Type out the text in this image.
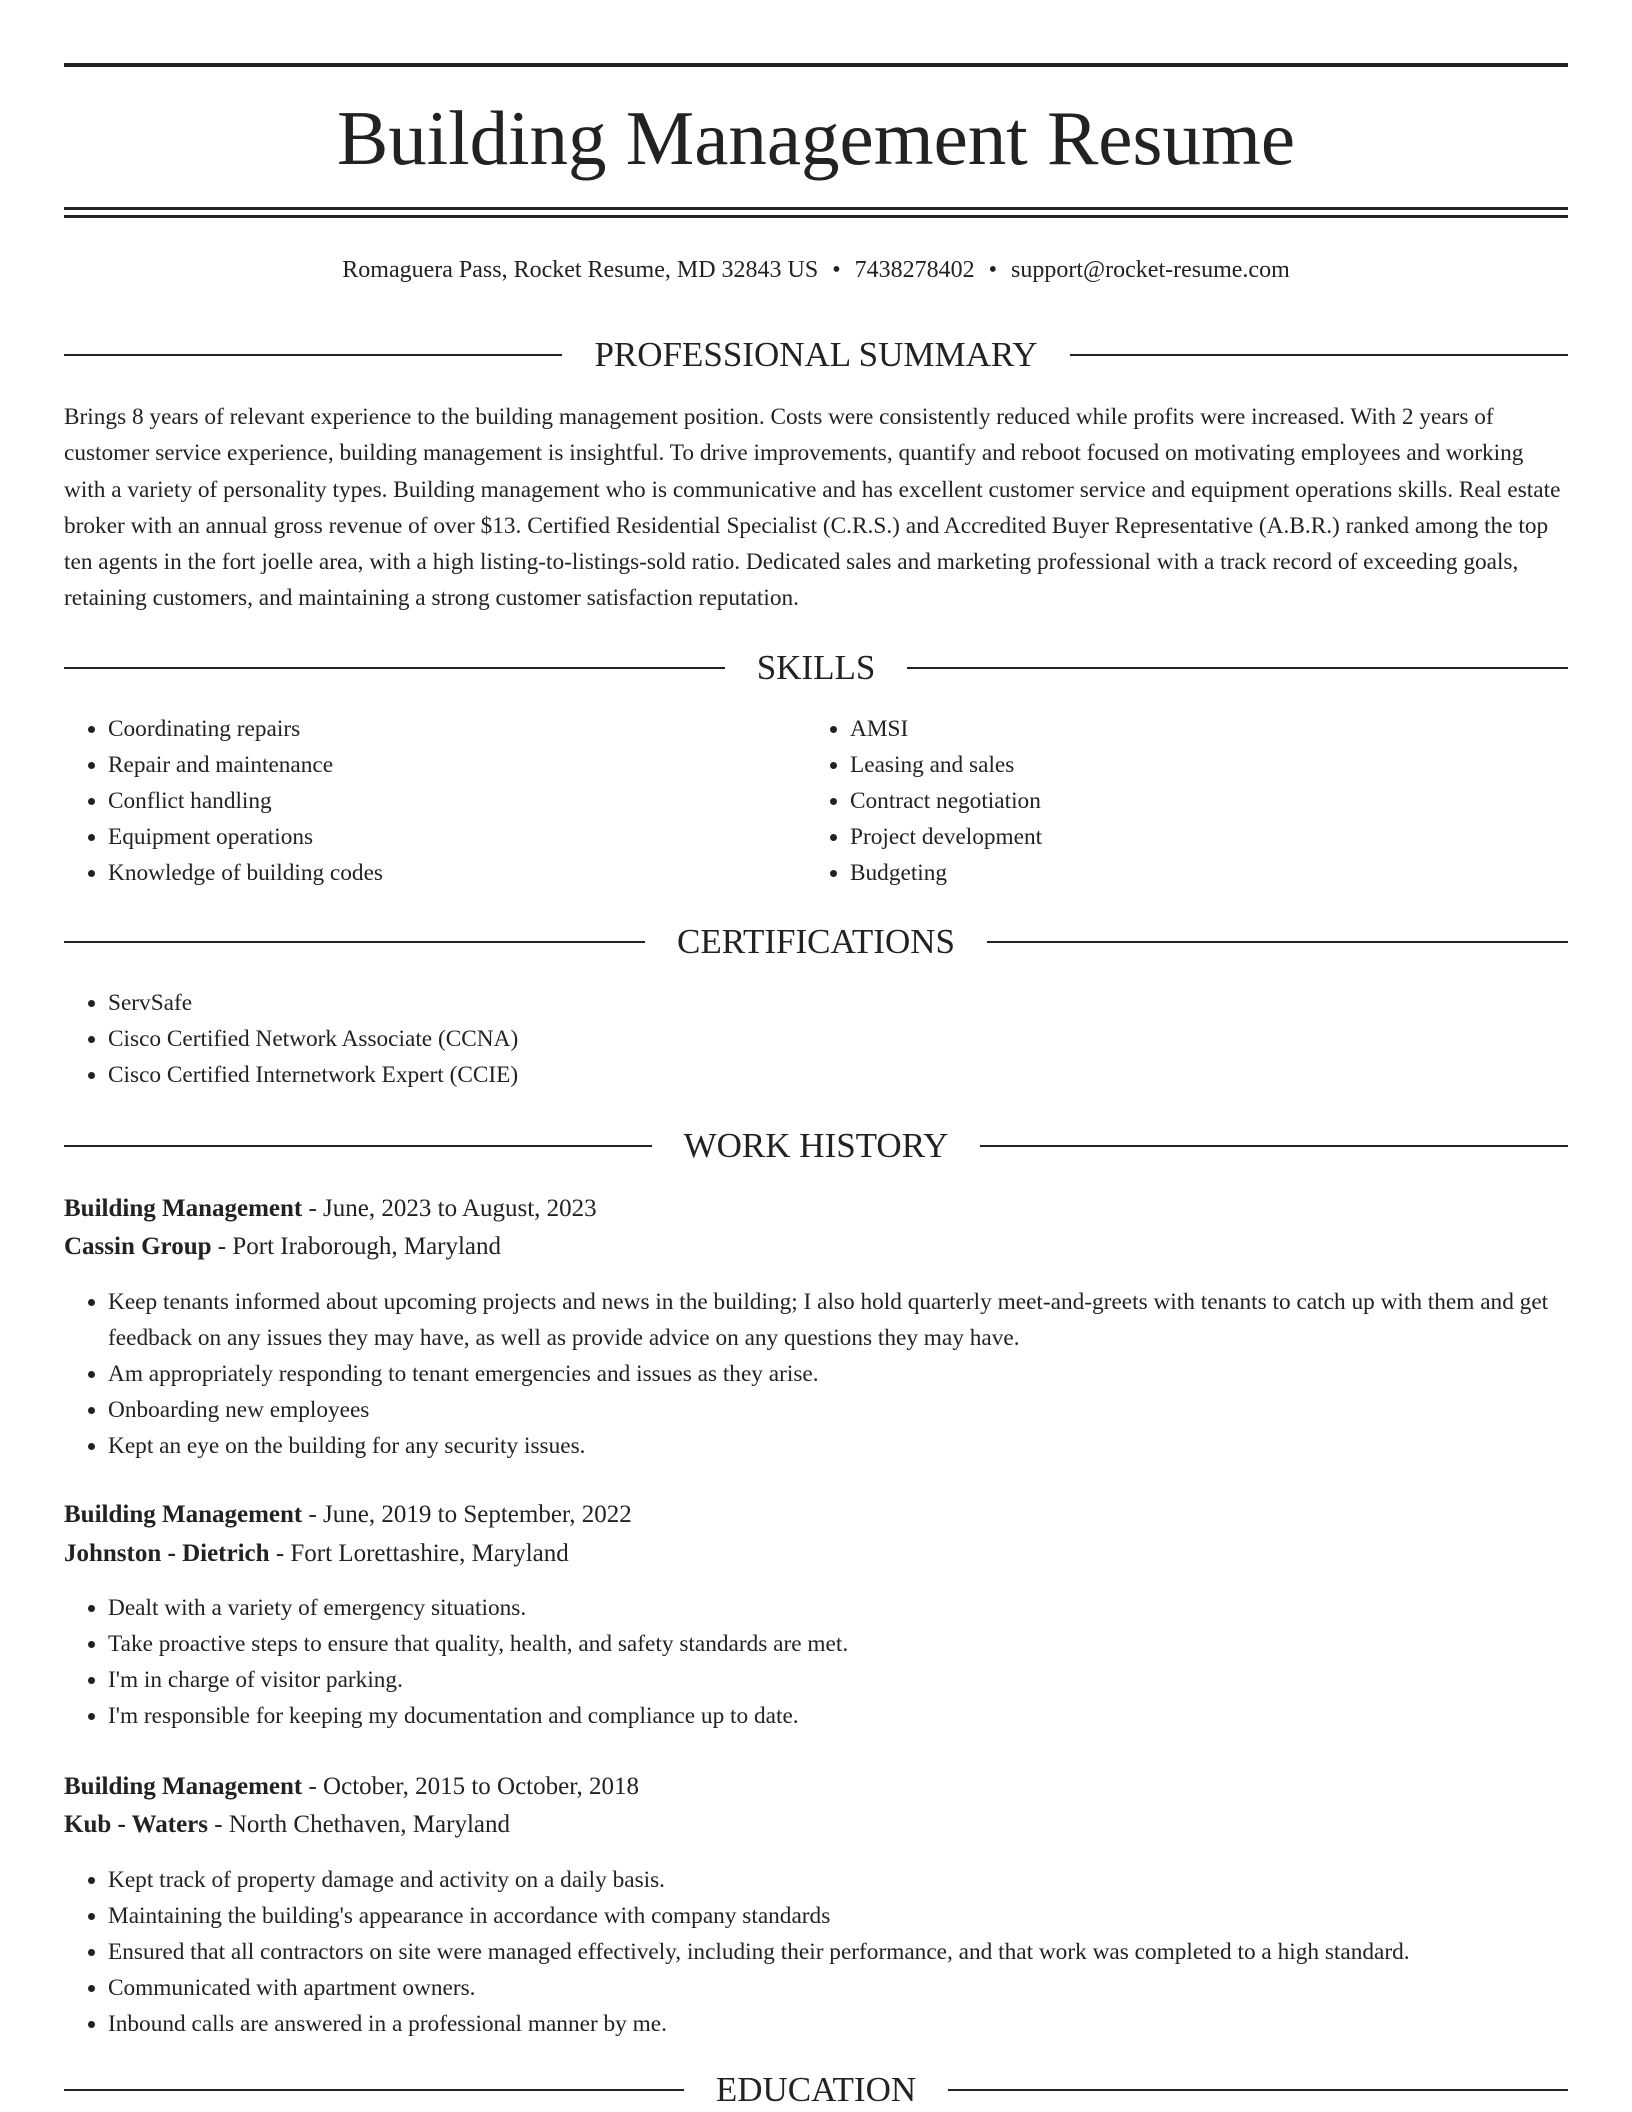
Building Management Resume
Romaguera Pass, Rocket Resume, MD 32843 US • 7438278402 • support@rocket-resume.com
PROFESSIONAL SUMMARY
Brings 8 years of relevant experience to the building management position. Costs were consistently reduced while profits were increased. With 2 years of customer service experience, building management is insightful. To drive improvements, quantify and reboot focused on motivating employees and working with a variety of personality types. Building management who is communicative and has excellent customer service and equipment operations skills. Real estate broker with an annual gross revenue of over $13. Certified Residential Specialist (C.R.S.) and Accredited Buyer Representative (A.B.R.) ranked among the top ten agents in the fort joelle area, with a high listing-to-listings-sold ratio. Dedicated sales and marketing professional with a track record of exceeding goals, retaining customers, and maintaining a strong customer satisfaction reputation.
SKILLS
• Coordinating repairs
• Repair and maintenance
• Conflict handling
• Equipment operations
• Knowledge of building codes
• AMSI
• Leasing and sales
• Contract negotiation
• Project development
• Budgeting
CERTIFICATIONS
• ServSafe
• Cisco Certified Network Associate (CCNA)
• Cisco Certified Internetwork Expert (CCIE)
WORK HISTORY
Building Management - June, 2023 to August, 2023
Cassin Group - Port Iraborough, Maryland
• Keep tenants informed about upcoming projects and news in the building; I also hold quarterly meet-and-greets with tenants to catch up with them and get feedback on any issues they may have, as well as provide advice on any questions they may have.
• Am appropriately responding to tenant emergencies and issues as they arise.
• Onboarding new employees
• Kept an eye on the building for any security issues.
Building Management - June, 2019 to September, 2022
Johnston - Dietrich - Fort Lorettashire, Maryland
• Dealt with a variety of emergency situations.
• Take proactive steps to ensure that quality, health, and safety standards are met.
• I'm in charge of visitor parking.
• I'm responsible for keeping my documentation and compliance up to date.
Building Management - October, 2015 to October, 2018
Kub - Waters - North Chethaven, Maryland
• Kept track of property damage and activity on a daily basis.
• Maintaining the building's appearance in accordance with company standards
• Ensured that all contractors on site were managed effectively, including their performance, and that work was completed to a high standard.
• Communicated with apartment owners.
• Inbound calls are answered in a professional manner by me.
EDUCATION
